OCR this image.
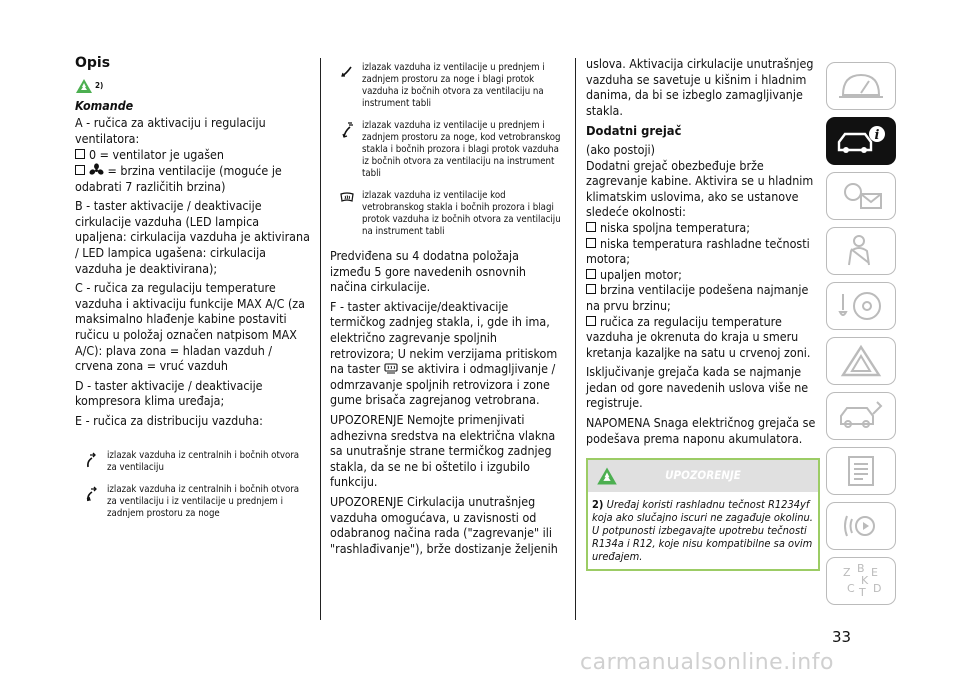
Opis
2)
Komande

A - ručica za aktivaciju i regulaciju ventilatora:

0 = ventilator je ugašen

= brzina ventilacije (moguće je odabrati 7 različitih brzina)

B - taster aktivacije / deaktivacije cirkulacije vazduha (LED lampica upaljena: cirkulacija vazduha je aktivirana / LED lampica ugašena: cirkulacija vazduha je deaktivirana);

C - ručica za regulaciju temperature vazduha i aktivaciju funkcije MAX A/C (za maksimalno hlađenje kabine postaviti ručicu u položaj označen natpisom MAX A/C): plava zona = hladan vazduh / crvena zona = vruć vazduh

D - taster aktivacije / deaktivacije kompresora klima uređaja;

E - ručica za distribuciju vazduha:

izlazak vazduha iz centralnih i bočnih otvora za ventilaciju
izlazak vazduha iz centralnih i bočnih otvora za ventilaciju i iz ventilacije u prednjem i zadnjem prostoru za noge
izlazak vazduha iz ventilacije u prednjem i zadnjem prostoru za noge i blagi protok vazduha iz bočnih otvora za ventilaciju na instrument tabli
izlazak vazduha iz ventilacije u prednjem i zadnjem prostoru za noge, kod vetrobranskog stakla i bočnih prozora i blagi protok vazduha iz bočnih otvora za ventilaciju na instrument tabli
izlazak vazduha iz ventilacije kod vetrobranskog stakla i bočnih prozora i blagi protok vazduha iz bočnih otvora za ventilaciju na instrument tabli

Predviđena su 4 dodatna položaja između 5 gore navedenih osnovnih načina cirkulacije.

F - taster aktivacije/deaktivacije termičkog zadnjeg stakla, i, gde ih ima, električno zagrevanje spoljnih retrovizora; U nekim verzijama pritiskom na taster se aktivira i odmagljivanje / odmrzavanje spoljnih retrovizora i zone gume brisača zagrejanog vetrobrana.

UPOZORENJE Nemojte primenjivati adhezivna sredstva na električna vlakna sa unutrašnje strane termičkog zadnjeg stakla, da se ne bi oštetilo i izgubilo funkciju.

UPOZORENJE Cirkulacija unutrašnjeg vazduha omogućava, u zavisnosti od odabranog načina rada ("zagrevanje" ili "rashlađivanje"), brže dostizanje željenih

uslova. Aktivacija cirkulacije unutrašnjeg vazduha se savetuje u kišnim i hladnim danima, da bi se izbeglo zamagljivanje stakla.

Dodatni grejač
(ako postoji)

Dodatni grejač obezbeđuje brže zagrevanje kabine. Aktivira se u hladnim klimatskim uslovima, ako se ustanove sledeće okolnosti:

niska spoljna temperatura;
niska temperatura rashladne tečnosti motora;
upaljen motor;
brzina ventilacije podešena najmanje na prvu brzinu;

ručica za regulaciju temperature vazduha je okrenuta do kraja u smeru kretanja kazaljke na satu u crvenoj zoni.

Isključivanje grejača kada se najmanje jedan od gore navedenih uslova više ne registruje.

NAPOMENA Snaga električnog grejača se podešava prema naponu akumulatora.

UPOZORENJE
2) Uređaj koristi rashladnu tečnost R1234yf koja ako slučajno iscuri ne zagađuje okolinu. U potpunosti izbegavajte upotrebu tečnosti R134a i R12, koje nisu kompatibilne sa ovim uređajem.
i
Z B E
C T D
K
33
carmanualsonline.info
